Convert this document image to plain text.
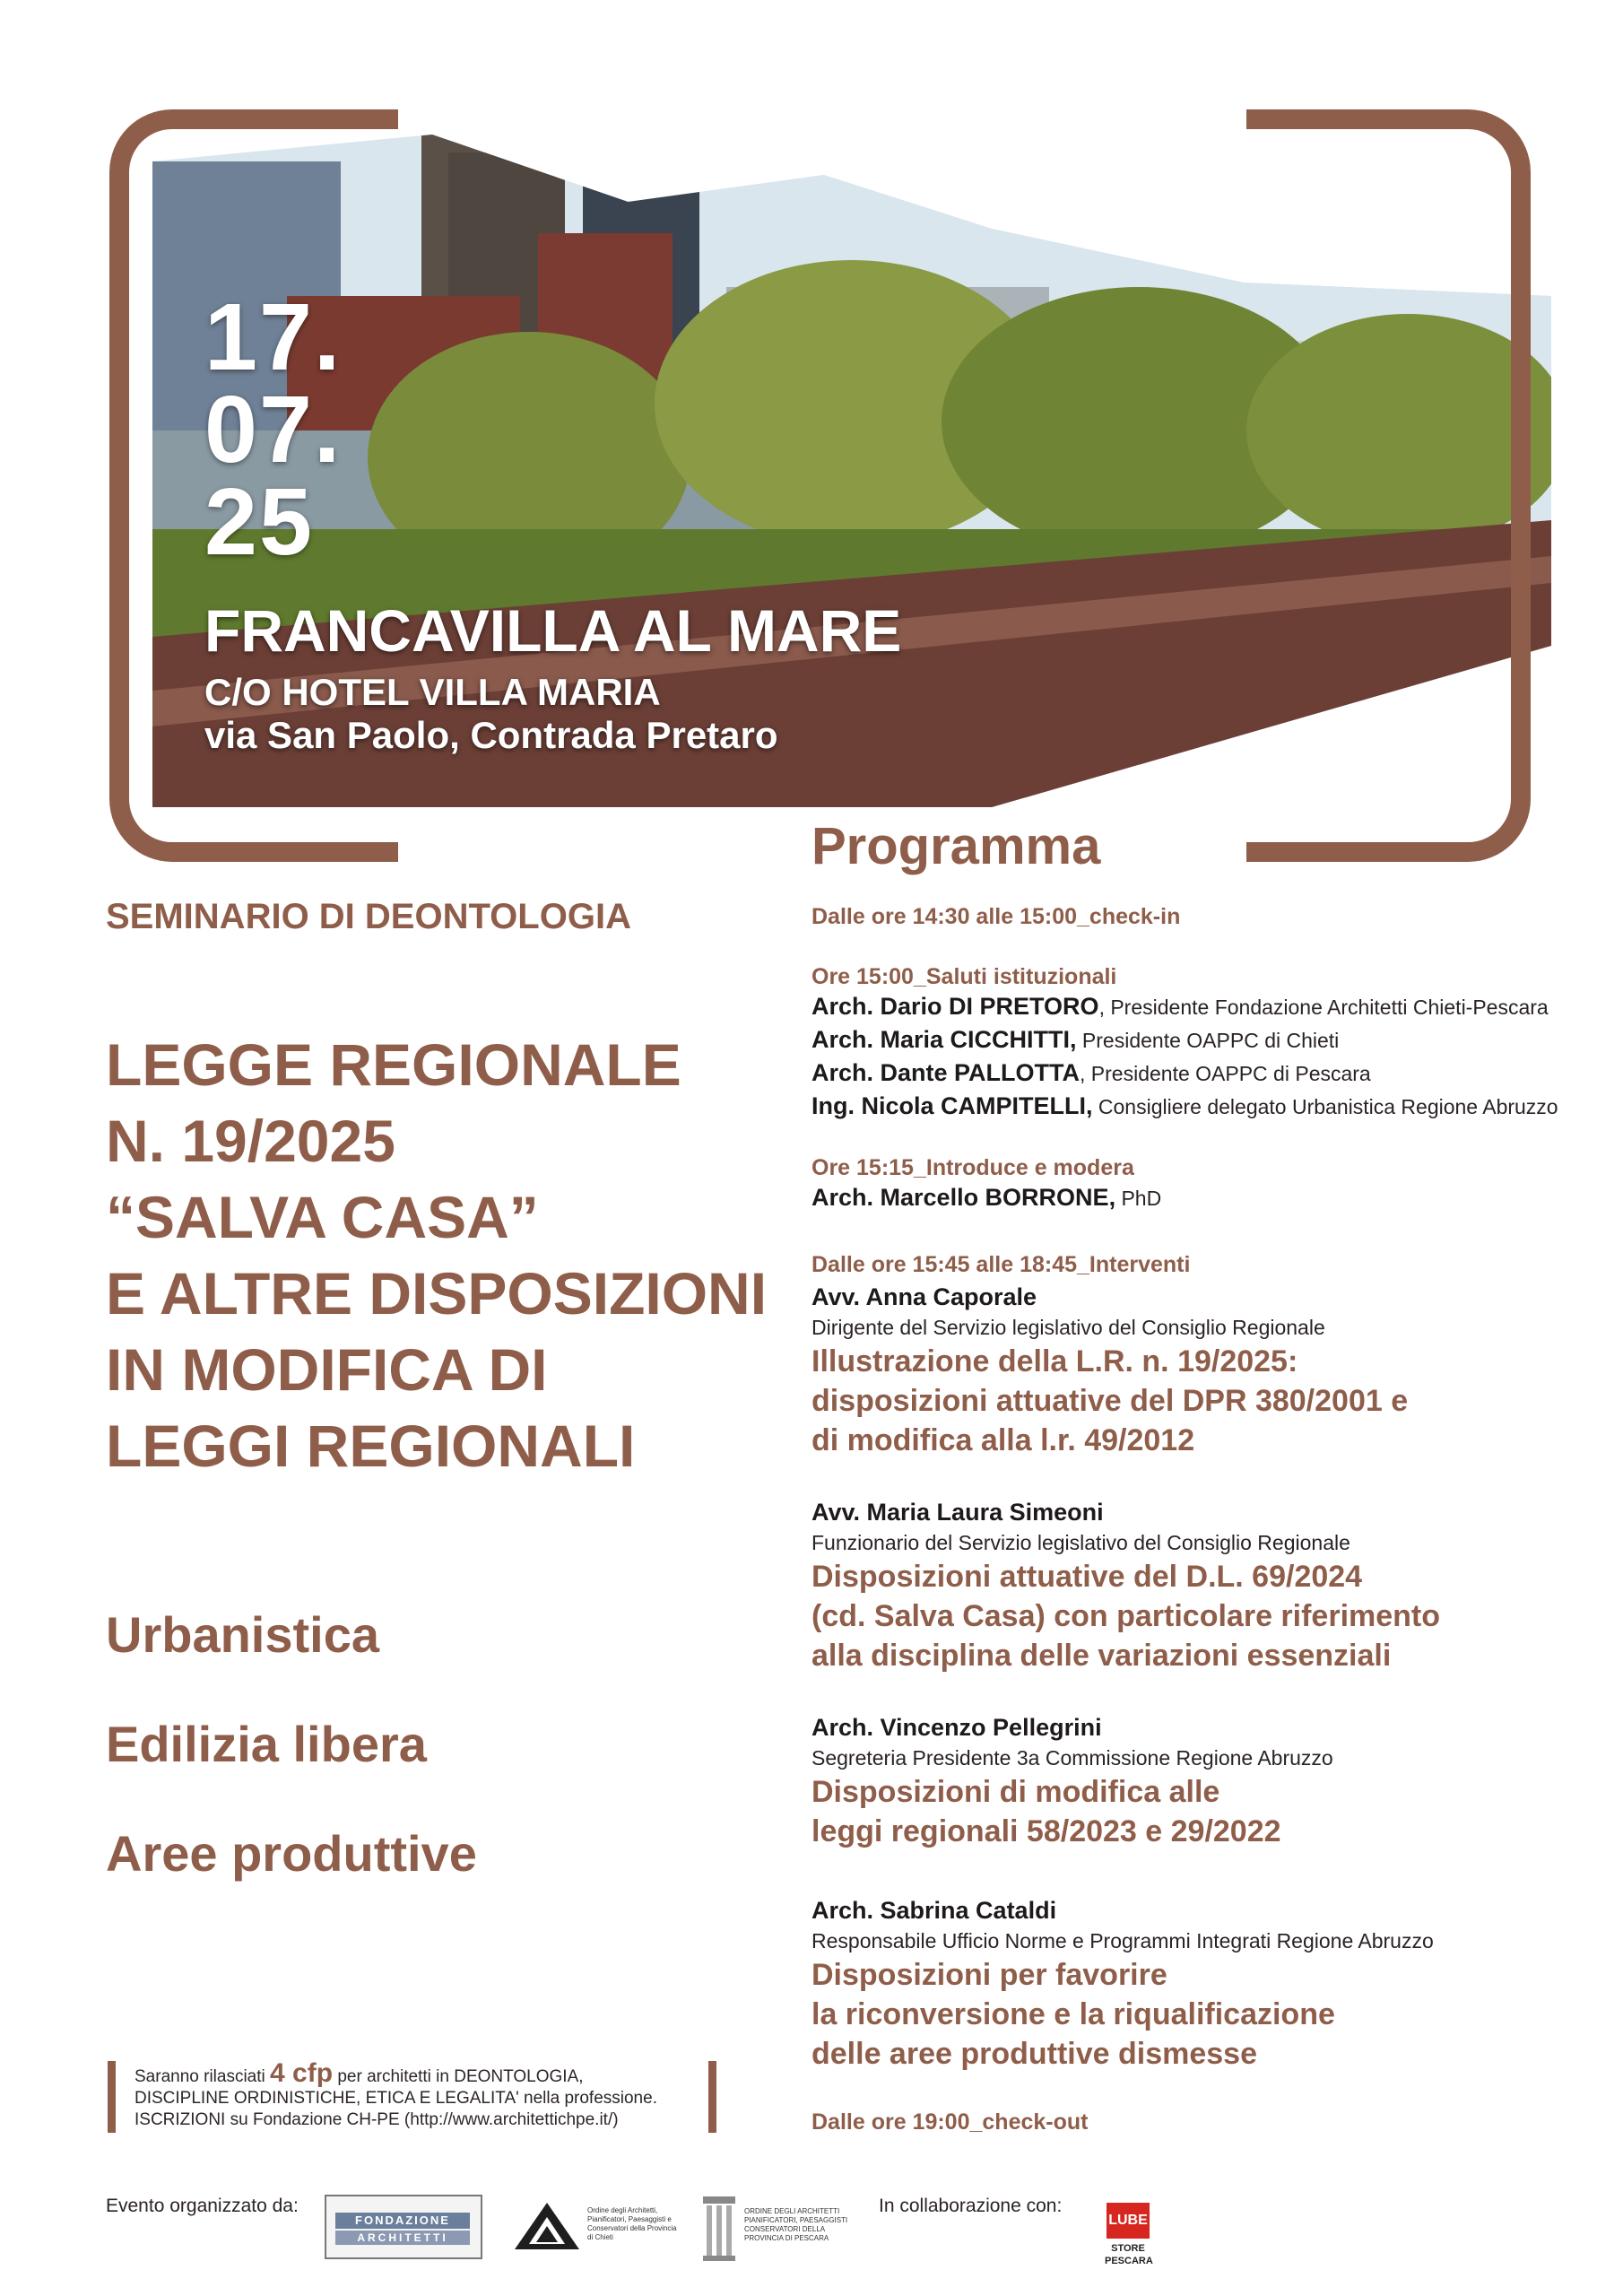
17.
07.
25
FRANCAVILLA AL MARE
C/O HOTEL VILLA MARIA
via San Paolo, Contrada Pretaro
SEMINARIO DI DEONTOLOGIA
LEGGE REGIONALE
N. 19/2025
“SALVA CASA”
E ALTRE DISPOSIZIONI
IN MODIFICA DI
LEGGI REGIONALI
Urbanistica
Edilizia libera
Aree produttive
Saranno rilasciati 4 cfp per architetti in DEONTOLOGIA,
DISCIPLINE ORDINISTICHE, ETICA E LEGALITA' nella professione.
ISCRIZIONI su Fondazione CH-PE (http://www.architettichpe.it/)
Programma
Dalle ore 14:30 alle 15:00_check-in
Ore 15:00_Saluti istituzionali
Arch. Dario DI PRETORO, Presidente Fondazione Architetti Chieti-Pescara
Arch. Maria CICCHITTI, Presidente OAPPC di Chieti
Arch. Dante PALLOTTA, Presidente OAPPC di Pescara
Ing. Nicola CAMPITELLI, Consigliere delegato Urbanistica Regione Abruzzo
Ore 15:15_Introduce e modera
Arch. Marcello BORRONE, PhD
Dalle ore 15:45 alle 18:45_Interventi
Avv. Anna Caporale
Dirigente del Servizio legislativo del Consiglio Regionale
Illustrazione della L.R. n. 19/2025:
disposizioni attuative del DPR 380/2001 e
di modifica alla l.r. 49/2012
Avv. Maria Laura Simeoni
Funzionario del Servizio legislativo del Consiglio Regionale
Disposizioni attuative del D.L. 69/2024
(cd. Salva Casa) con particolare riferimento
alla disciplina delle variazioni essenziali
Arch. Vincenzo Pellegrini
Segreteria Presidente 3a Commissione Regione Abruzzo
Disposizioni di modifica alle
leggi regionali 58/2023 e 29/2022
Arch. Sabrina Cataldi
Responsabile Ufficio Norme e Programmi Integrati Regione Abruzzo
Disposizioni per favorire
la riconversione e la riqualificazione
delle aree produttive dismesse
Dalle ore 19:00_check-out
Evento organizzato da:
FONDAZIONE
ARCHITETTI
Ordine degli Architetti, Pianificatori, Paesaggisti e Conservatori della Provincia di Chieti
ORDINE DEGLI ARCHITETTI PIANIFICATORI, PAESAGGISTI CONSERVATORI DELLA PROVINCIA DI PESCARA
In collaborazione con:
LUBE
STORE
PESCARA
